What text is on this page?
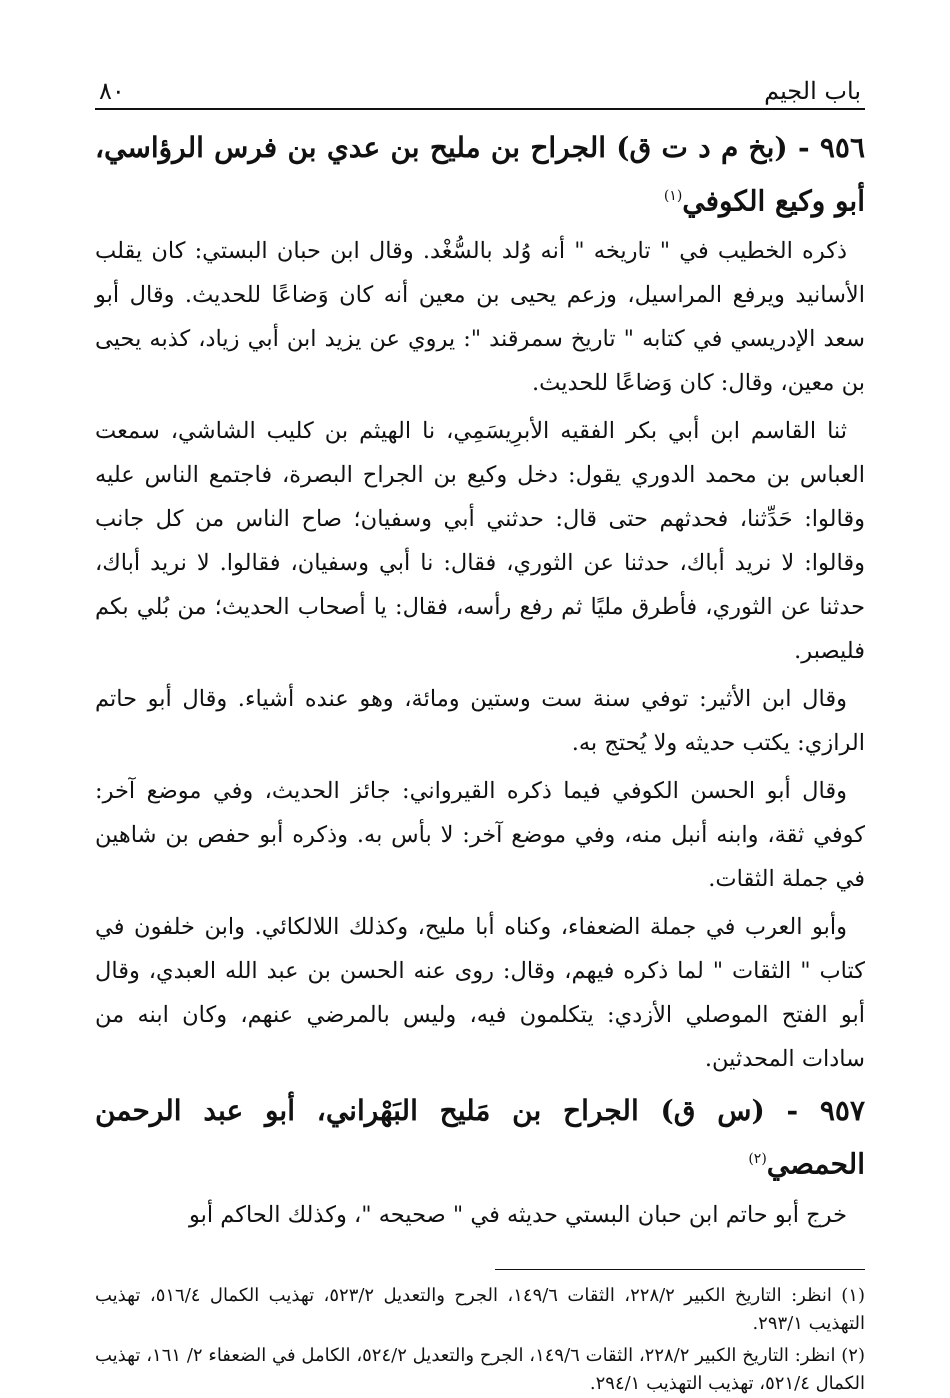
باب الجيم
٨٠
٩٥٦ - (بخ م د ت ق) الجراح بن مليح بن عدي بن فرس الرؤاسي، أبو وكيع الكوفي$^{(١)}$

ذكره الخطيب في " تاريخه " أنه وُلد بالسُّغْد. وقال ابن حبان البستي: كان يقلب الأسانيد ويرفع المراسيل، وزعم يحيى بن معين أنه كان وَضاعًا للحديث. وقال أبو سعد الإدريسي في كتابه " تاريخ سمرقند ": يروي عن يزيد ابن أبي زياد، كذبه يحيى بن معين، وقال: كان وَضاعًا للحديث.

ثنا القاسم ابن أبي بكر الفقيه الأبرِيسَمِي، نا الهيثم بن كليب الشاشي، سمعت العباس بن محمد الدوري يقول: دخل وكيع بن الجراح البصرة، فاجتمع الناس عليه وقالوا: حَدِّثنا، فحدثهم حتى قال: حدثني أبي وسفيان؛ صاح الناس من كل جانب وقالوا: لا نريد أباك، حدثنا عن الثوري، فقال: نا أبي وسفيان، فقالوا. لا نريد أباك، حدثنا عن الثوري، فأطرق مليًا ثم رفع رأسه، فقال: يا أصحاب الحديث؛ من بُلي بكم فليصبر.

وقال ابن الأثير: توفي سنة ست وستين ومائة، وهو عنده أشياء. وقال أبو حاتم الرازي: يكتب حديثه ولا يُحتج به.

وقال أبو الحسن الكوفي فيما ذكره القيرواني: جائز الحديث، وفي موضع آخر: كوفي ثقة، وابنه أنبل منه، وفي موضع آخر: لا بأس به. وذكره أبو حفص بن شاهين في جملة الثقات.

وأبو العرب في جملة الضعفاء، وكناه أبا مليح، وكذلك اللالكائي. وابن خلفون في كتاب " الثقات " لما ذكره فيهم، وقال: روى عنه الحسن بن عبد الله العبدي، وقال أبو الفتح الموصلي الأزدي: يتكلمون فيه، وليس بالمرضي عنهم، وكان ابنه من سادات المحدثين.

٩٥٧ - (س ق) الجراح بن مَليح البَهْراني، أبو عبد الرحمن الحمصي$^{(٢)}$

خرج أبو حاتم ابن حبان البستي حديثه في " صحيحه "، وكذلك الحاكم أبو

(١) انظر: التاريخ الكبير ٢٢٨/٢، الثقات ١٤٩/٦، الجرح والتعديل ٥٢٣/٢، تهذيب الكمال ٥١٦/٤، تهذيب التهذيب ٢٩٣/١.

(٢) انظر: التاريخ الكبير ٢٢٨/٢، الثقات ١٤٩/٦، الجرح والتعديل ٥٢٤/٢، الكامل في الضعفاء ٢/ ١٦١، تهذيب الكمال ٥٢١/٤، تهذيب التهذيب ٢٩٤/١.
